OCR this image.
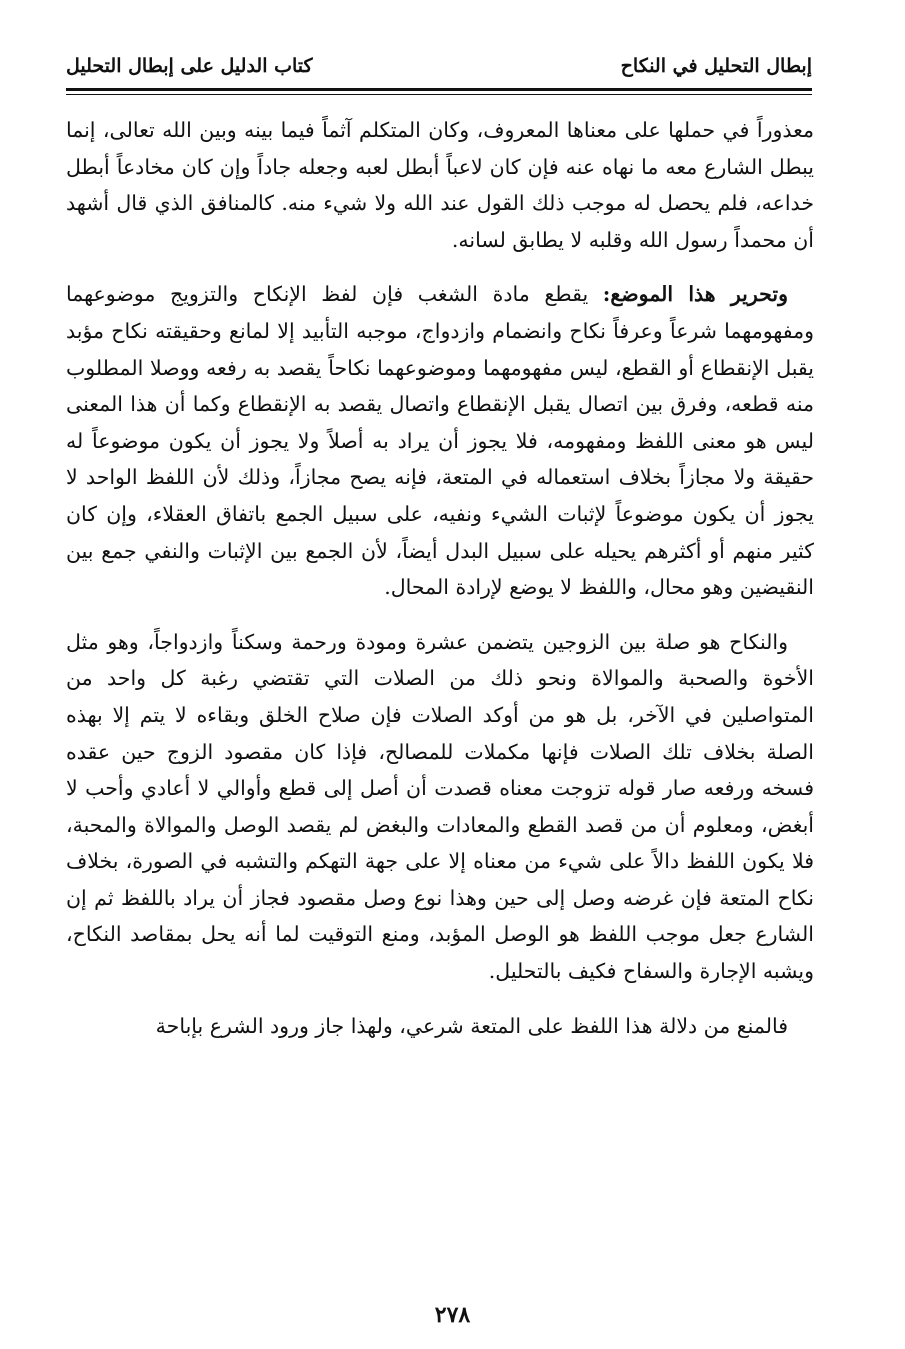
إبطال التحليل في النكاح
كتاب الدليل على إبطال التحليل

معذوراً في حملها على معناها المعروف، وكان المتكلم آثماً فيما بينه وبين الله تعالى، إنما يبطل الشارع معه ما نهاه عنه فإن كان لاعباً أبطل لعبه وجعله جاداً وإن كان مخادعاً أبطل خداعه، فلم يحصل له موجب ذلك القول عند الله ولا شيء منه. كالمنافق الذي قال أشهد أن محمداً رسول الله وقلبه لا يطابق لسانه.

وتحرير هذا الموضع: يقطع مادة الشغب فإن لفظ الإنكاح والتزويج موضوعهما ومفهومهما شرعاً وعرفاً نكاح وانضمام وازدواج، موجبه التأبيد إلا لمانع وحقيقته نكاح مؤبد يقبل الإنقطاع أو القطع، ليس مفهومهما وموضوعهما نكاحاً يقصد به رفعه ووصلا المطلوب منه قطعه، وفرق بين اتصال يقبل الإنقطاع واتصال يقصد به الإنقطاع وكما أن هذا المعنى ليس هو معنى اللفظ ومفهومه، فلا يجوز أن يراد به أصلاً ولا يجوز أن يكون موضوعاً له حقيقة ولا مجازاً بخلاف استعماله في المتعة، فإنه يصح مجازاً، وذلك لأن اللفظ الواحد لا يجوز أن يكون موضوعاً لإثبات الشيء ونفيه، على سبيل الجمع باتفاق العقلاء، وإن كان كثير منهم أو أكثرهم يحيله على سبيل البدل أيضاً، لأن الجمع بين الإثبات والنفي جمع بين النقيضين وهو محال، واللفظ لا يوضع لإرادة المحال.

والنكاح هو صلة بين الزوجين يتضمن عشرة ومودة ورحمة وسكناً وازدواجاً، وهو مثل الأخوة والصحبة والموالاة ونحو ذلك من الصلات التي تقتضي رغبة كل واحد من المتواصلين في الآخر، بل هو من أوكد الصلات فإن صلاح الخلق وبقاءه لا يتم إلا بهذه الصلة بخلاف تلك الصلات فإنها مكملات للمصالح، فإذا كان مقصود الزوج حين عقده فسخه ورفعه صار قوله تزوجت معناه قصدت أن أصل إلى قطع وأوالي لا أعادي وأحب لا أبغض، ومعلوم أن من قصد القطع والمعادات والبغض لم يقصد الوصل والموالاة والمحبة، فلا يكون اللفظ دالاً على شيء من معناه إلا على جهة التهكم والتشبه في الصورة، بخلاف نكاح المتعة فإن غرضه وصل إلى حين وهذا نوع وصل مقصود فجاز أن يراد باللفظ ثم إن الشارع جعل موجب اللفظ هو الوصل المؤبد، ومنع التوقيت لما أنه يحل بمقاصد النكاح، ويشبه الإجارة والسفاح فكيف بالتحليل.

فالمنع من دلالة هذا اللفظ على المتعة شرعي، ولهذا جاز ورود الشرع بإباحة

٢٧٨
